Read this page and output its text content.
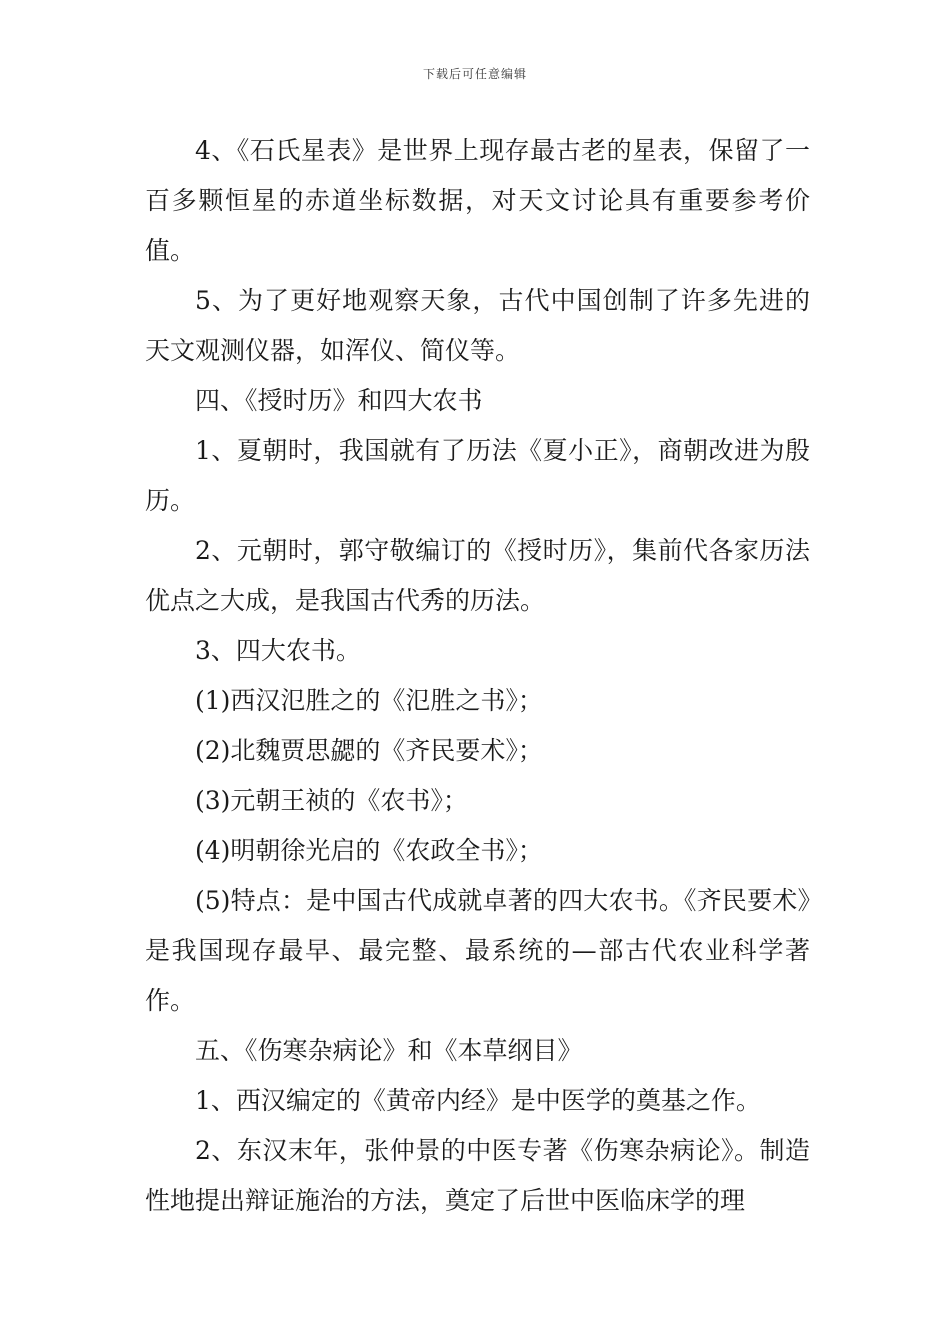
下载后可任意编辑

4、《石氏星表》是世界上现存最古老的星表，保留了一百多颗恒星的赤道坐标数据，对天文讨论具有重要参考价值。

5、为了更好地观察天象，古代中国创制了许多先进的天文观测仪器，如浑仪、简仪等。

四、《授时历》和四大农书

1、夏朝时，我国就有了历法《夏小正》，商朝改进为殷历。

2、元朝时，郭守敬编订的《授时历》，集前代各家历法优点之大成，是我国古代秀的历法。

3、四大农书。

(1)西汉氾胜之的《氾胜之书》；

(2)北魏贾思勰的《齐民要术》；

(3)元朝王祯的《农书》；

(4)明朝徐光启的《农政全书》；

(5)特点：是中国古代成就卓著的四大农书。《齐民要术》是我国现存最早、最完整、最系统的—部古代农业科学著作。

五、《伤寒杂病论》和《本草纲目》

1、西汉编定的《黄帝内经》是中医学的奠基之作。

2、东汉末年，张仲景的中医专著《伤寒杂病论》。制造性地提出辩证施治的方法，奠定了后世中医临床学的理
